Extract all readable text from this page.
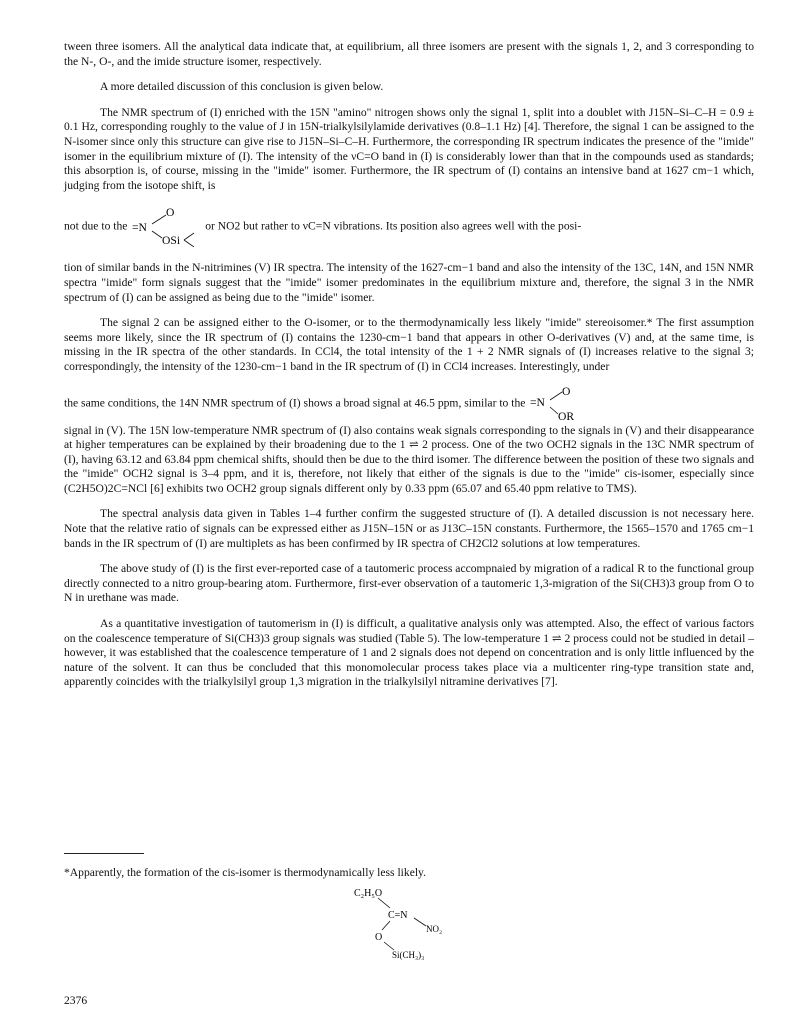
tween three isomers. All the analytical data indicate that, at equilibrium, all three isomers are present with the signals 1, 2, and 3 corresponding to the N-, O-, and the imide structure isomer, respectively.

A more detailed discussion of this conclusion is given below.

The NMR spectrum of (I) enriched with the 15N "amino" nitrogen shows only the signal 1, split into a doublet with J15N–Si–C–H = 0.9 ± 0.1 Hz, corresponding roughly to the value of J in 15N-trialkylsilylamide derivatives (0.8–1.1 Hz) [4]. Therefore, the signal 1 can be assigned to the N-isomer since only this structure can give rise to J15N–Si–C–H. Furthermore, the corresponding IR spectrum indicates the presence of the "imide" isomer in the equilibrium mixture of (I). The intensity of the νC=O band in (I) is considerably lower than that in the compounds used as standards; this absorption is, of course, missing in the "imide" isomer. Furthermore, the IR spectrum of (I) contains an intensive band at 1627 cm−1 which, judging from the isotope shift, is

not due to the =N
O
OSi
or NO2 but rather to νC=N vibrations. Its position also agrees well with the posi-

tion of similar bands in the N-nitrimines (V) IR spectra. The intensity of the 1627-cm−1 band and also the intensity of the 13C, 14N, and 15N NMR spectra "imide" form signals suggest that the "imide" isomer predominates in the equilibrium mixture and, therefore, the signal 3 in the NMR spectrum of (I) can be assigned as being due to the "imide" isomer.

The signal 2 can be assigned either to the O-isomer, or to the thermodynamically less likely "imide" stereoisomer.* The first assumption seems more likely, since the IR spectrum of (I) contains the 1230-cm−1 band that appears in other O-derivatives (V) and, at the same time, is missing in the IR spectra of the other standards. In CCl4, the total intensity of the 1 + 2 NMR signals of (I) increases relative to the signal 3; correspondingly, the intensity of the 1230-cm−1 band in the IR spectrum of (I) in CCl4 increases. Interestingly, under

the same conditions, the 14N NMR spectrum of (I) shows a broad signal at 46.5 ppm, similar to the =N
O
OR

signal in (V). The 15N low-temperature NMR spectrum of (I) also contains weak signals corresponding to the signals in (V) and their disappearance at higher temperatures can be explained by their broadening due to the 1 ⇌ 2 process. One of the two OCH2 signals in the 13C NMR spectrum of (I), having 63.12 and 63.84 ppm chemical shifts, should then be due to the third isomer. The difference between the position of these two signals and the "imide" OCH2 signal is 3–4 ppm, and it is, therefore, not likely that either of the signals is due to the "imide" cis-isomer, especially since (C2H5O)2C=NCl [6] exhibits two OCH2 group signals different only by 0.33 ppm (65.07 and 65.40 ppm relative to TMS).

The spectral analysis data given in Tables 1–4 further confirm the suggested structure of (I). A detailed discussion is not necessary here. Note that the relative ratio of signals can be expressed either as J15N–15N or as J13C–15N constants. Furthermore, the 1565–1570 and 1765 cm−1 bands in the IR spectrum of (I) are multiplets as has been confirmed by IR spectra of CH2Cl2 solutions at low temperatures.

The above study of (I) is the first ever-reported case of a tautomeric process accompnaied by migration of a radical R to the functional group directly connected to a nitro group-bearing atom. Furthermore, first-ever observation of a tautomeric 1,3-migration of the Si(CH3)3 group from O to N in urethane was made.

As a quantitative investigation of tautomerism in (I) is difficult, a qualitative analysis only was attempted. Also, the effect of various factors on the coalescence temperature of Si(CH3)3 group signals was studied (Table 5). The low-temperature 1 ⇌ 2 process could not be studied in detail – however, it was established that the coalescence temperature of 1 and 2 signals does not depend on concentration and is only little influenced by the nature of the solvent. It can thus be concluded that this monomolecular process takes place via a multicenter ring-type transition state and, apparently coincides with the trialkylsilyl group 1,3 migration in the trialkylsilyl nitramine derivatives [7].

*Apparently, the formation of the cis-isomer is thermodynamically less likely.
C₂H₅O
C=N
NO₂
O
Si(CH₃)₃
2376
